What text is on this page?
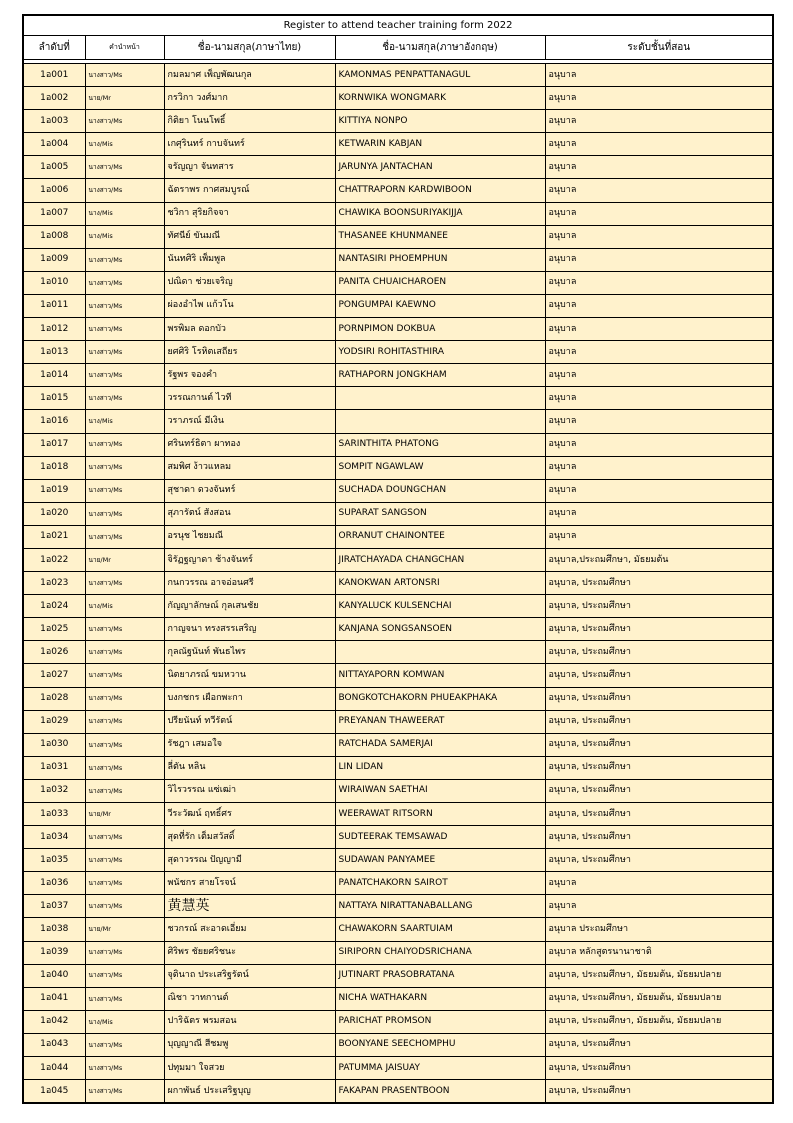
Register to attend teacher training form 2022				
ลำดับที่	คำนำหน้า	ชื่อ-นามสกุล(ภาษาไทย)	ชื่อ-นามสกุล(ภาษาอังกฤษ)	ระดับชั้นที่สอน

1อ001	นางสาว/Ms	กมลมาศ เพ็ญพัฒนกุล	KAMONMAS PENPATTANAGUL	อนุบาล
1อ002	นาย/Mr	กรวิกา วงศ์มาก	KORNWIKA WONGMARK	อนุบาล
1อ003	นางสาว/Ms	กิติยา โนนโพธิ์	KITTIYA NONPO	อนุบาล
1อ004	นาง/Mis	เกศุรินทร์ กาบจันทร์	KETWARIN KABJAN	อนุบาล
1อ005	นางสาว/Ms	จรัญญา จันทสาร	JARUNYA JANTACHAN	อนุบาล
1อ006	นางสาว/Ms	ฉัตราพร กาศสมบูรณ์	CHATTRAPORN KARDWIBOON	อนุบาล
1อ007	นาง/Mis	ชวิกา สุริยกิจจา	CHAWIKA BOONSURIYAKIJJA	อนุบาล
1อ008	นาง/Mis	ทัศนีย์ ขันมณี	THASANEE KHUNMANEE	อนุบาล
1อ009	นางสาว/Ms	นันทศิริ เพ็มพูล	NANTASIRI PHOEMPHUN	อนุบาล
1อ010	นางสาว/Ms	ปณิดา ช่วยเจริญ	PANITA CHUAICHAROEN	อนุบาล
1อ011	นางสาว/Ms	ผ่องอำไพ แก้วโน	PONGUMPAI KAEWNO	อนุบาล
1อ012	นางสาว/Ms	พรพิมล ดอกบัว	PORNPIMON DOKBUA	อนุบาล
1อ013	นางสาว/Ms	ยศศิริ โรหิตเสถียร	YODSIRI ROHITASTHIRA	อนุบาล
1อ014	นางสาว/Ms	รัฐพร จองคำ	RATHAPORN JONGKHAM	อนุบาล
1อ015	นางสาว/Ms	วรรณกานต์ ไวที		อนุบาล
1อ016	นาง/Mis	วราภรณ์ มีเงิน		อนุบาล
1อ017	นางสาว/Ms	ศรินทร์ธิตา ผาทอง	SARINTHITA PHATONG	อนุบาล
1อ018	นางสาว/Ms	สมพิศ ง้าวแหลม	SOMPIT NGAWLAW	อนุบาล
1อ019	นางสาว/Ms	สุชาดา ดวงจันทร์	SUCHADA DOUNGCHAN	อนุบาล
1อ020	นางสาว/Ms	สุภารัตน์ สังสอน	SUPARAT SANGSON	อนุบาล
1อ021	นางสาว/Ms	อรนุช ไชยมณี	ORRANUT CHAINONTEE	อนุบาล
1อ022	นาย/Mr	จิรัฏฐญาดา ช้างจันทร์	JIRATCHAYADA CHANGCHAN	อนุบาล,ประถมศึกษา, มัธยมต้น
1อ023	นางสาว/Ms	กนกวรรณ อาจอ่อนศรี	KANOKWAN ARTONSRI	อนุบาล, ประถมศึกษา
1อ024	นาง/Mis	กัญญาลักษณ์ กุลเสนชัย	KANYALUCK KULSENCHAI	อนุบาล, ประถมศึกษา
1อ025	นางสาว/Ms	กาญจนา ทรงสรรเสริญ	KANJANA SONGSANSOEN	อนุบาล, ประถมศึกษา
1อ026	นางสาว/Ms	กุลณัฐนันท์ พันธไพร		อนุบาล, ประถมศึกษา
1อ027	นางสาว/Ms	นิตยาภรณ์ ขมหวาน	NITTAYAPORN KOMWAN	อนุบาล, ประถมศึกษา
1อ028	นางสาว/Ms	บงกชกร เผือกพะกา	BONGKOTCHAKORN PHUEAKPHAKA	อนุบาล, ประถมศึกษา
1อ029	นางสาว/Ms	ปรียนันท์ ทวีรัตน์	PREYANAN THAWEERAT	อนุบาล, ประถมศึกษา
1อ030	นางสาว/Ms	รัชฎา เสมอใจ	RATCHADA SAMERJAI	อนุบาล, ประถมศึกษา
1อ031	นางสาว/Ms	ลี่ตัน หลิน	LIN LIDAN	อนุบาล, ประถมศึกษา
1อ032	นางสาว/Ms	วิไรวรรณ แซ่เฒ่า	WIRAIWAN SAETHAI	อนุบาล, ประถมศึกษา
1อ033	นาย/Mr	วีระวัฒน์ ฤทธิ์ศร	WEERAWAT RITSORN	อนุบาล, ประถมศึกษา
1อ034	นางสาว/Ms	สุดที่รัก เต็มสวัสดิ์	SUDTEERAK TEMSAWAD	อนุบาล, ประถมศึกษา
1อ035	นางสาว/Ms	สุดาวรรณ ปัญญามี	SUDAWAN PANYAMEE	อนุบาล, ประถมศึกษา
1อ036	นางสาว/Ms	พนัชกร สายโรจน์	PANATCHAKORN SAIROT	อนุบาล
1อ037	นางสาว/Ms	黄慧英	NATTAYA NIRATTANABALLANG	อนุบาล
1อ038	นาย/Mr	ชวกรณ์ สะอาดเอี่ยม	CHAWAKORN SAARTUIAM	อนุบาล ประถมศึกษา
1อ039	นางสาว/Ms	ศิริพร ชัยยศริชนะ	SIRIPORN CHAIYODSRICHANA	อนุบาล หลักสูตรนานาชาติ
1อ040	นางสาว/Ms	จุตินาถ ประเสริฐรัตน์	JUTINART PRASOBRATANA	อนุบาล, ประถมศึกษา, มัธยมต้น, มัธยมปลาย
1อ041	นางสาว/Ms	ณิชา วาทกานต์	NICHA WATHAKARN	อนุบาล, ประถมศึกษา, มัธยมต้น, มัธยมปลาย
1อ042	นาง/Mis	ปาริฉัตร พรมสอน	PARICHAT PROMSON	อนุบาล, ประถมศึกษา, มัธยมต้น, มัธยมปลาย
1อ043	นางสาว/Ms	บุญญาณี สีชมพู	BOONYANE SEECHOMPHU	อนุบาล, ประถมศึกษา
1อ044	นางสาว/Ms	ปทุมมา ใจสวย	PATUMMA JAISUAY	อนุบาล, ประถมศึกษา
1อ045	นางสาว/Ms	ผกาพันธ์ ประเสริฐบุญ	FAKAPAN PRASENTBOON	อนุบาล, ประถมศึกษา
